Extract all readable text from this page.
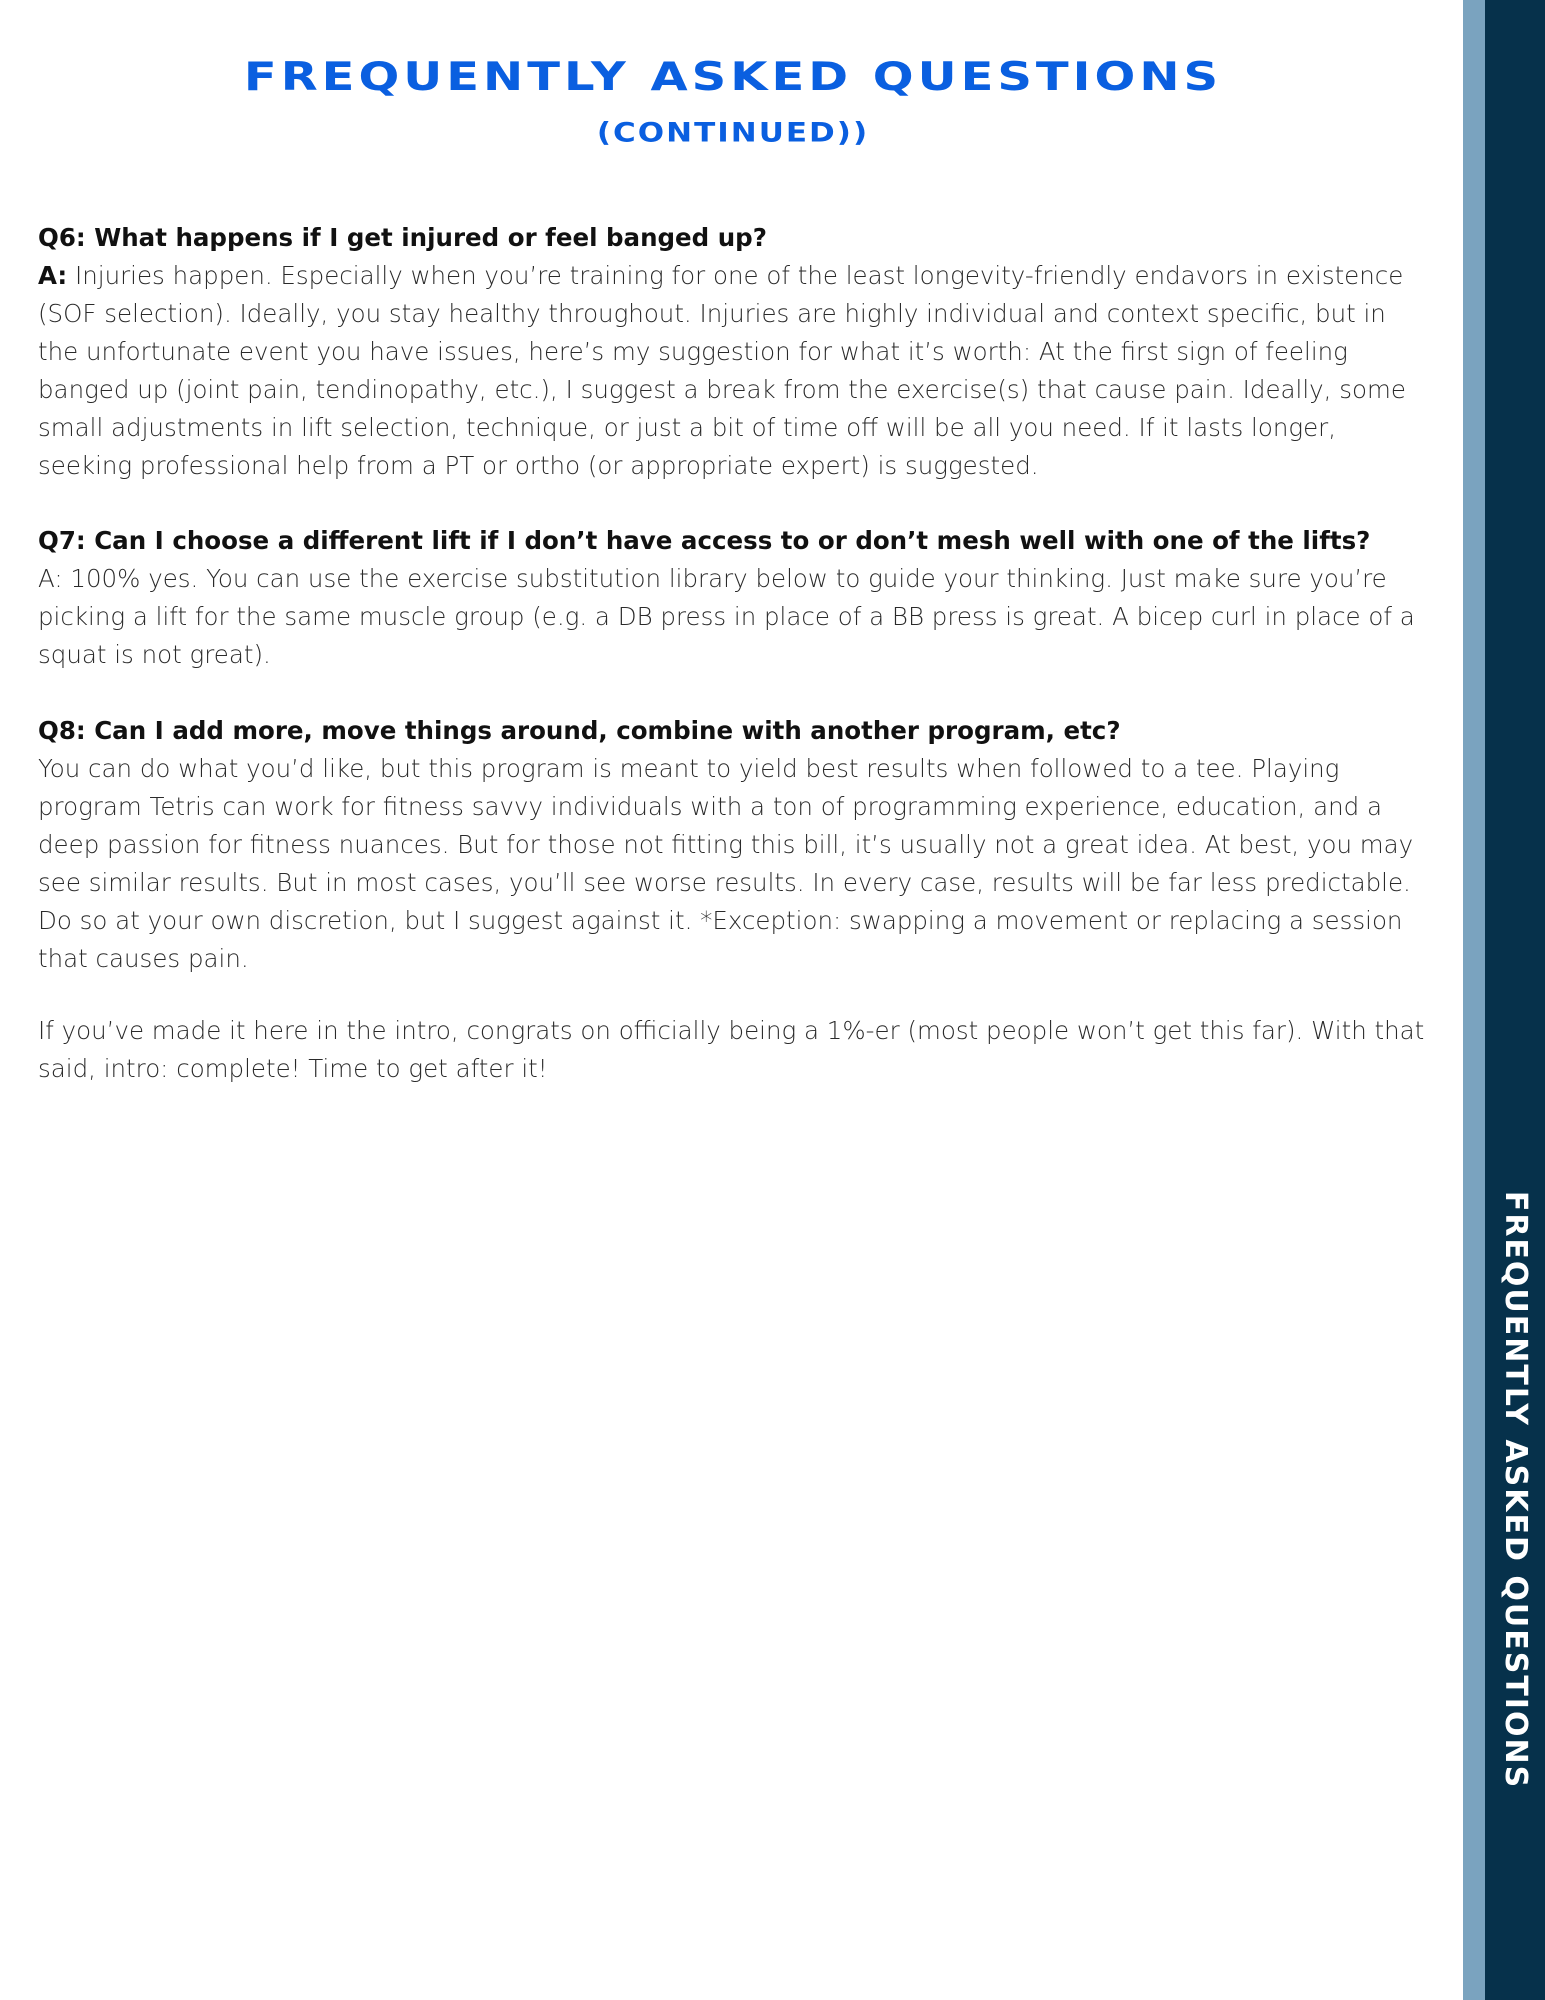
FREQUENTLY ASKED QUESTIONS
(CONTINUED))

Q6: What happens if I get injured or feel banged up?

A: Injuries happen. Especially when you’re training for one of the least longevity-friendly endavors in existence (SOF selection). Ideally, you stay healthy throughout. Injuries are highly individual and context specific, but in the unfortunate event you have issues, here’s my suggestion for what it’s worth: At the first sign of feeling banged up (joint pain, tendinopathy, etc.), I suggest a break from the exercise(s) that cause pain. Ideally, some small adjustments in lift selection, technique, or just a bit of time off will be all you need. If it lasts longer, seeking professional help from a PT or ortho (or appropriate expert) is suggested.

Q7: Can I choose a different lift if I don’t have access to or don’t mesh well with one of the lifts?

A: 100% yes. You can use the exercise substitution library below to guide your thinking. Just make sure you’re picking a lift for the same muscle group (e.g. a DB press in place of a BB press is great. A bicep curl in place of a squat is not great).

Q8: Can I add more, move things around, combine with another program, etc?

You can do what you’d like, but this program is meant to yield best results when followed to a tee. Playing program Tetris can work for fitness savvy individuals with a ton of programming experience, education, and a deep passion for fitness nuances. But for those not fitting this bill, it’s usually not a great idea. At best, you may see similar results. But in most cases, you’ll see worse results. In every case, results will be far less predictable. Do so at your own discretion, but I suggest against it. *Exception: swapping a movement or replacing a session that causes pain.

If you’ve made it here in the intro, congrats on officially being a 1%-er (most people won’t get this far). With that said, intro: complete! Time to get after it!

FREQUENTLY ASKED QUESTIONS
